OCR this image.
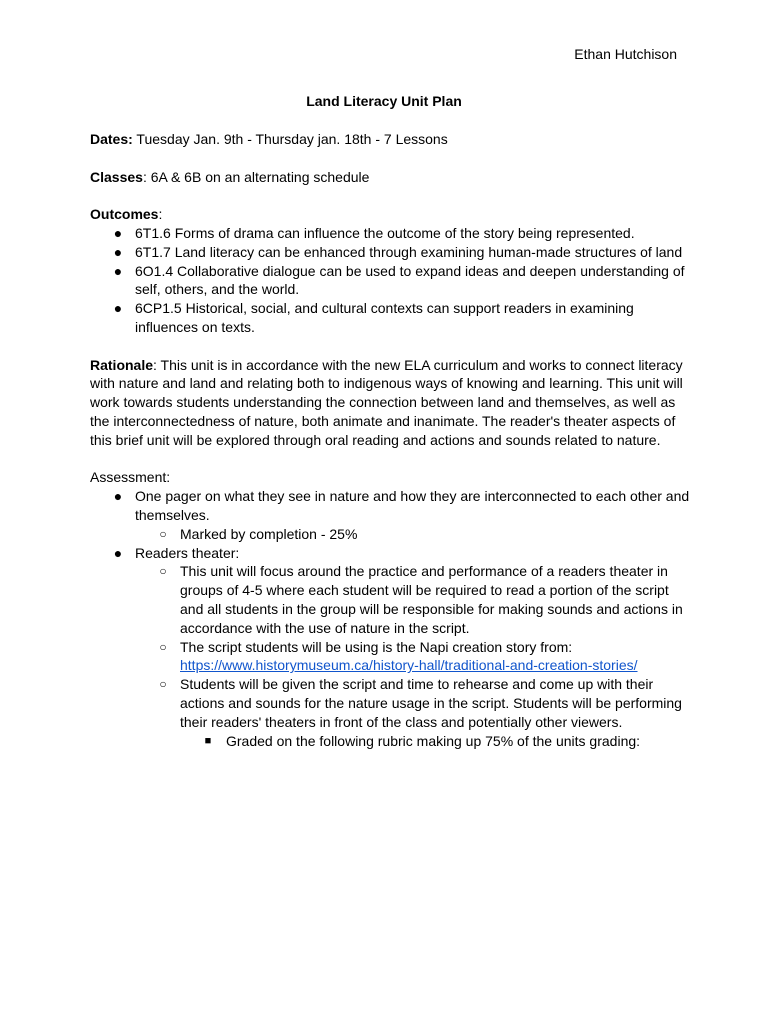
Ethan Hutchison
Land Literacy Unit Plan

Dates: Tuesday Jan. 9th - Thursday jan. 18th - 7 Lessons

Classes: 6A & 6B on an alternating schedule

Outcomes:

● 6T1.6 Forms of drama can influence the outcome of the story being represented.
● 6T1.7 Land literacy can be enhanced through examining human-made structures of land
● 6O1.4 Collaborative dialogue can be used to expand ideas and deepen understanding of self, others, and the world.
● 6CP1.5 Historical, social, and cultural contexts can support readers in examining influences on texts.

Rationale: This unit is in accordance with the new ELA curriculum and works to connect literacy with nature and land and relating both to indigenous ways of knowing and learning. This unit will work towards students understanding the connection between land and themselves, as well as the interconnectedness of nature, both animate and inanimate. The reader's theater aspects of this brief unit will be explored through oral reading and actions and sounds related to nature.

Assessment:

● One pager on what they see in nature and how they are interconnected to each other and themselves.
○ Marked by completion - 25%
● Readers theater:
○ This unit will focus around the practice and performance of a readers theater in groups of 4-5 where each student will be required to read a portion of the script and all students in the group will be responsible for making sounds and actions in accordance with the use of nature in the script.
○ The script students will be using is the Napi creation story from:
https://www.historymuseum.ca/history-hall/traditional-and-creation-stories/
○ Students will be given the script and time to rehearse and come up with their actions and sounds for the nature usage in the script. Students will be performing their readers' theaters in front of the class and potentially other viewers.
■	Graded on the following rubric making up 75% of the units grading:
